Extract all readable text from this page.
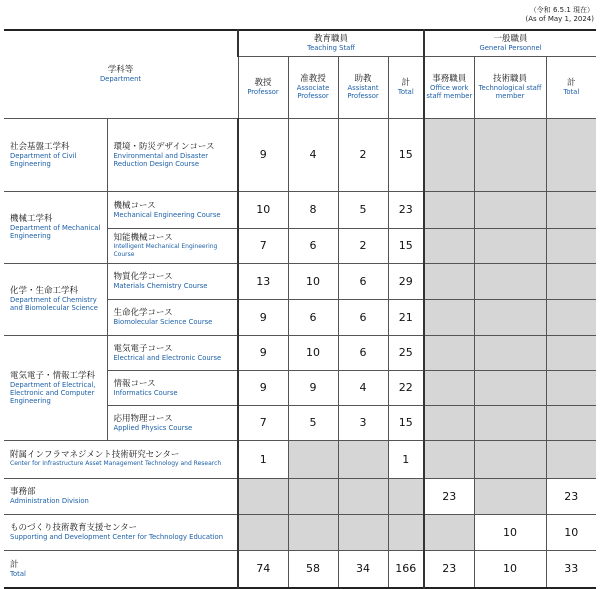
（令和 6.5.1 現在）
(As of May 1, 2024)
学科等
Department		教育職員
Teaching Staff				一般職員
General Personnel		

		教授
Professor	准教授
Associate Professor	助教
Assistant Professor	計
Total	事務職員
Office work staff member	技術職員
Technological staff member	計
Total

社会基盤工学科
Department of Civil Engineering	環境・防災デザインコース
Environmental and Disaster Reduction Design Course	9	4	2	15			

機械工学科
Department of Mechanical Engineering	機械コース
Mechanical Engineering Course	10	8	5	23			

	知能機械コース
Intelligent Mechanical Engineering Course	7	6	2	15			

化学・生命工学科
Department of Chemistry and Biomolecular Science	物質化学コース
Materials Chemistry Course	13	10	6	29			

	生命化学コース
Biomolecular Science Course	9	6	6	21			

電気電子・情報工学科
Department of Electrical, Electronic and Computer Engineering	電気電子コース
Electrical and Electronic Course	9	10	6	25			

	情報コース
Informatics Course	9	9	4	22			

	応用物理コース
Applied Physics Course	7	5	3	15			

附属インフラマネジメント技術研究センター
Center for Infrastructure Asset Management Technology and Research		1			1			

事務部
Administration Division						23		23

ものづくり技術教育支援センター
Supporting and Development Center for Technology Education							10	10

計
Total		74	58	34	166	23	10	33
